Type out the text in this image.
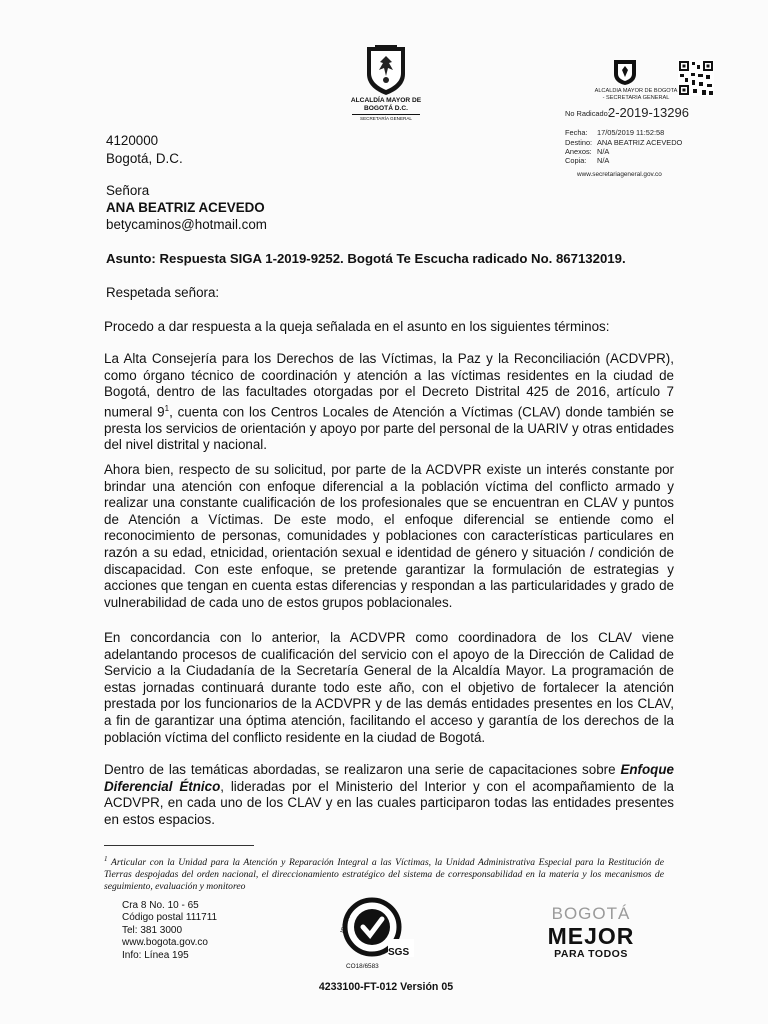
ALCALDÍA MAYOR DE BOGOTÁ D.C.
SECRETARÍA GENERAL
ALCALDIA MAYOR DE BOGOTA - SECRETARIA GENERAL
No Radicado:
2-2019-13296
Fecha: 17/05/2019 11:52:58
Destino: ANA BEATRIZ ACEVEDO
Anexos: N/A
Copia: N/A
www.secretariageneral.gov.co
4120000
Bogotá, D.C.
Señora
ANA BEATRIZ ACEVEDO
betycaminos@hotmail.com
Asunto: Respuesta SIGA 1-2019-9252. Bogotá Te Escucha radicado No. 867132019.
Respetada señora:
Procedo a dar respuesta a la queja señalada en el asunto en los siguientes términos:
La Alta Consejería para los Derechos de las Víctimas, la Paz y la Reconciliación (ACDVPR), como órgano técnico de coordinación y atención a las víctimas residentes en la ciudad de Bogotá, dentro de las facultades otorgadas por el Decreto Distrital 425 de 2016, artículo 7 numeral $9^1$, cuenta con los Centros Locales de Atención a Víctimas (CLAV) donde también se presta los servicios de orientación y apoyo por parte del personal de la UARIV y otras entidades del nivel distrital y nacional.
Ahora bien, respecto de su solicitud, por parte de la ACDVPR existe un interés constante por brindar una atención con enfoque diferencial a la población víctima del conflicto armado y realizar una constante cualificación de los profesionales que se encuentran en CLAV y puntos de Atención a Víctimas. De este modo, el enfoque diferencial se entiende como el reconocimiento de personas, comunidades y poblaciones con características particulares en razón a su edad, etnicidad, orientación sexual e identidad de género y situación / condición de discapacidad. Con este enfoque, se pretende garantizar la formulación de estrategias y acciones que tengan en cuenta estas diferencias y respondan a las particularidades y grado de vulnerabilidad de cada uno de estos grupos poblacionales.
En concordancia con lo anterior, la ACDVPR como coordinadora de los CLAV viene adelantando procesos de cualificación del servicio con el apoyo de la Dirección de Calidad de Servicio a la Ciudadanía de la Secretaría General de la Alcaldía Mayor. La programación de estas jornadas continuará durante todo este año, con el objetivo de fortalecer la atención prestada por los funcionarios de la ACDVPR y de las demás entidades presentes en los CLAV, a fin de garantizar una óptima atención, facilitando el acceso y garantía de los derechos de la población víctima del conflicto residente en la ciudad de Bogotá.
Dentro de las temáticas abordadas, se realizaron una serie de capacitaciones sobre Enfoque Diferencial Étnico, lideradas por el Ministerio del Interior y con el acompañamiento de la ACDVPR, en cada uno de los CLAV y en las cuales participaron todas las entidades presentes en estos espacios.
$^1$ Articular con la Unidad para la Atención y Reparación Integral a las Víctimas, la Unidad Administrativa Especial para la Restitución de Tierras despojadas del orden nacional, el direccionamiento estratégico del sistema de corresponsabilidad en la materia y los mecanismos de seguimiento, evaluación y monitoreo
Cra 8 No. 10 - 65
Código postal 111711
Tel: 381 3000
www.bogota.gov.co
Info: Línea 195
ISO 9001
SGS
CO18/6583
BOGOTÁ
MEJOR
PARA TODOS
4233100-FT-012 Versión 05
